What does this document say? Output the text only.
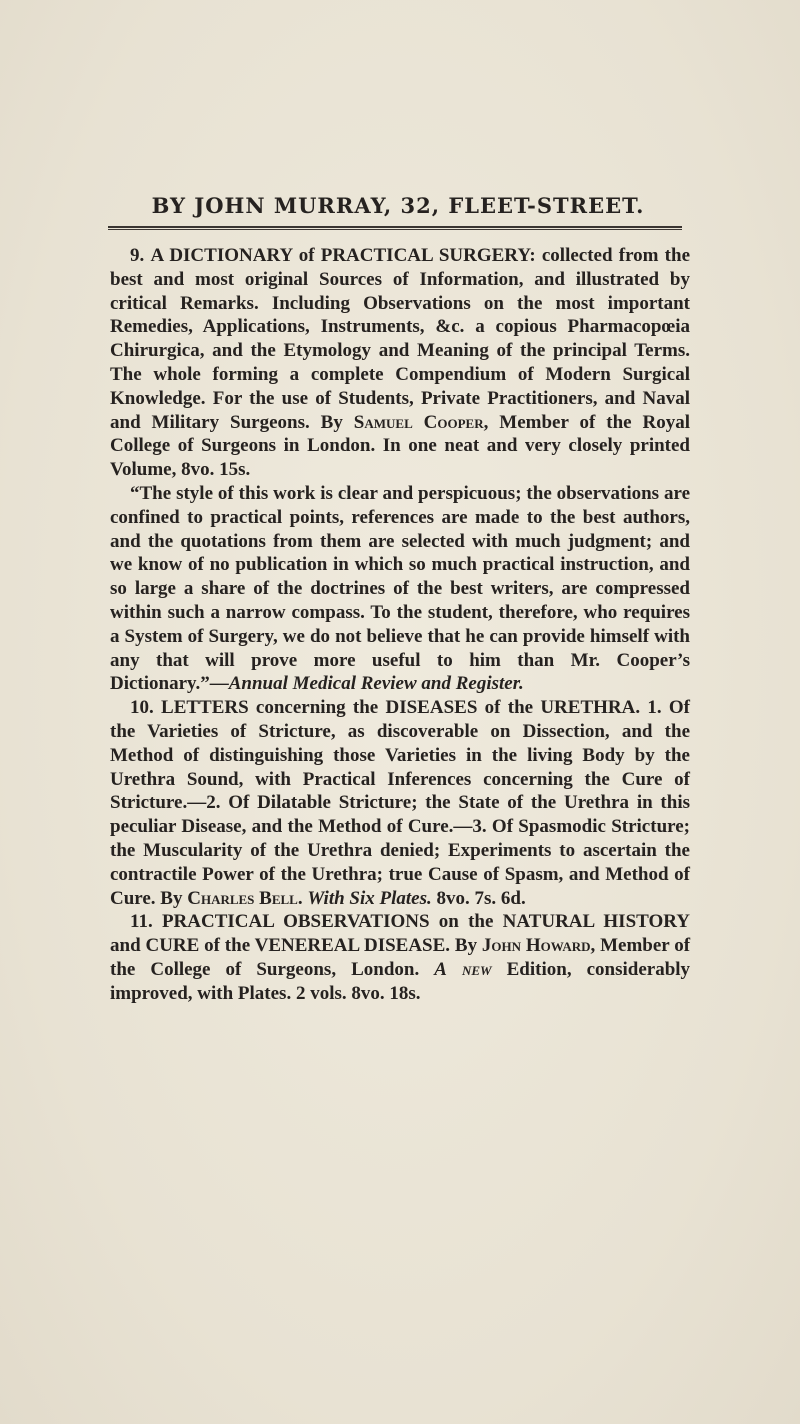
BY JOHN MURRAY, 32, FLEET-STREET.

9. A DICTIONARY of PRACTICAL SURGERY: collected from the best and most original Sources of Information, and illustrated by critical Remarks. Including Observations on the most important Remedies, Applications, Instruments, &c. a copious Pharmacopœia Chirurgica, and the Etymology and Meaning of the principal Terms. The whole forming a complete Compendium of Modern Surgical Knowledge. For the use of Students, Private Practitioners, and Naval and Military Surgeons. By Samuel Cooper, Member of the Royal College of Surgeons in London. In one neat and very closely printed Volume, 8vo. 15s.

“The style of this work is clear and perspicuous; the observations are confined to practical points, references are made to the best authors, and the quotations from them are selected with much judgment; and we know of no publication in which so much practical instruction, and so large a share of the doctrines of the best writers, are compressed within such a narrow compass. To the student, therefore, who requires a System of Surgery, we do not believe that he can provide himself with any that will prove more useful to him than Mr. Cooper’s Dictionary.”—Annual Medical Review and Register.

10. LETTERS concerning the DISEASES of the URETHRA. 1. Of the Varieties of Stricture, as discoverable on Dissection, and the Method of distinguishing those Varieties in the living Body by the Urethra Sound, with Practical Inferences concerning the Cure of Stricture.—2. Of Dilatable Stricture; the State of the Urethra in this peculiar Disease, and the Method of Cure.—3. Of Spasmodic Stricture; the Muscularity of the Urethra denied; Experiments to ascertain the contractile Power of the Urethra; true Cause of Spasm, and Method of Cure. By Charles Bell. With Six Plates. 8vo. 7s. 6d.

11. PRACTICAL OBSERVATIONS on the NATURAL HISTORY and CURE of the VENEREAL DISEASE. By John Howard, Member of the College of Surgeons, London. A new Edition, considerably improved, with Plates. 2 vols. 8vo. 18s.
